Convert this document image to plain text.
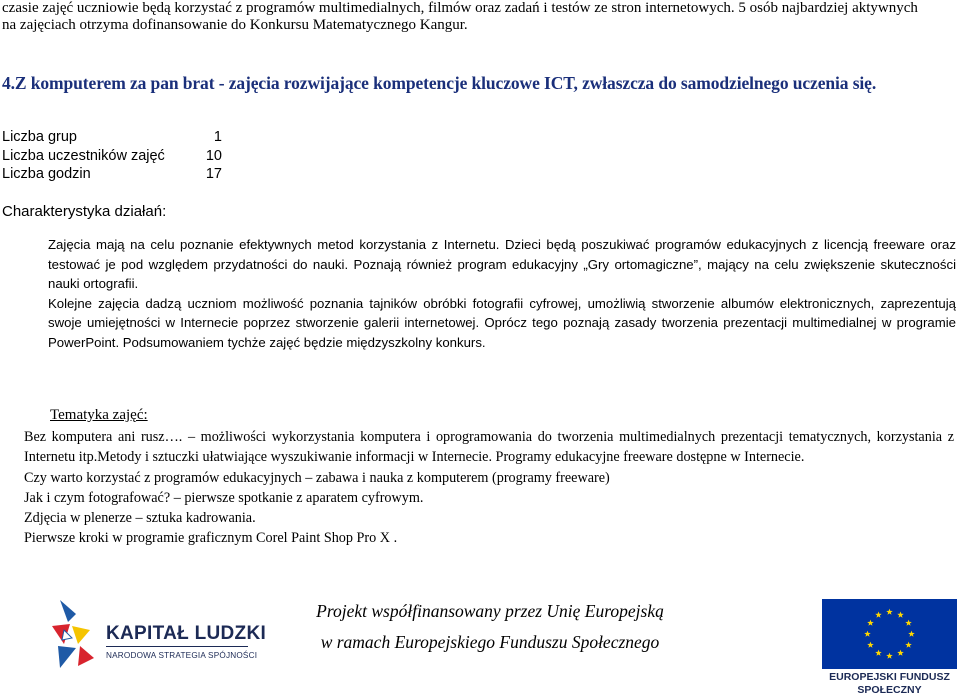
czasie zajęć uczniowie będą korzystać z programów multimedialnych, filmów oraz zadań i testów ze stron internetowych. 5 osób najbardziej aktywnych
na zajęciach otrzyma dofinansowanie do Konkursu Matematycznego Kangur.
4.Z komputerem za pan brat - zajęcia rozwijające kompetencje kluczowe ICT, zwłaszcza do samodzielnego uczenia się.
Liczba grup	1
Liczba uczestników zajęć	10
Liczba godzin	17
Charakterystyka działań:

Zajęcia mają na celu poznanie efektywnych metod korzystania z Internetu. Dzieci będą poszukiwać programów edukacyjnych z licencją freeware oraz testować je pod względem przydatności do nauki. Poznają również program edukacyjny „Gry ortomagiczne”, mający na celu zwiększenie skuteczności nauki ortografii.

Kolejne zajęcia dadzą uczniom możliwość poznania tajników obróbki fotografii cyfrowej, umożliwią stworzenie albumów elektronicznych, zaprezentują swoje umiejętności w Internecie poprzez stworzenie galerii internetowej. Oprócz tego poznają zasady tworzenia prezentacji multimedialnej w programie PowerPoint. Podsumowaniem tychże zajęć będzie międzyszkolny konkurs.

Tematyka zajęć:

Bez komputera ani rusz…. – możliwości wykorzystania komputera i oprogramowania do tworzenia multimedialnych prezentacji tematycznych, korzystania z Internetu itp.Metody i sztuczki ułatwiające wyszukiwanie informacji w Internecie. Programy edukacyjne freeware dostępne w Internecie.

Czy warto korzystać z programów edukacyjnych – zabawa i nauka z komputerem (programy freeware)

Jak i czym fotografować? – pierwsze spotkanie z aparatem cyfrowym.

Zdjęcia w plenerze – sztuka kadrowania.

Pierwsze kroki w programie graficznym Corel Paint Shop Pro X .

KAPITAŁ LUDZKI
NARODOWA STRATEGIA SPÓJNOŚCI
Projekt współfinansowany przez Unię Europejską
w ramach Europejskiego Funduszu Społecznego
EUROPEJSKI FUNDUSZ
SPOŁECZNY
